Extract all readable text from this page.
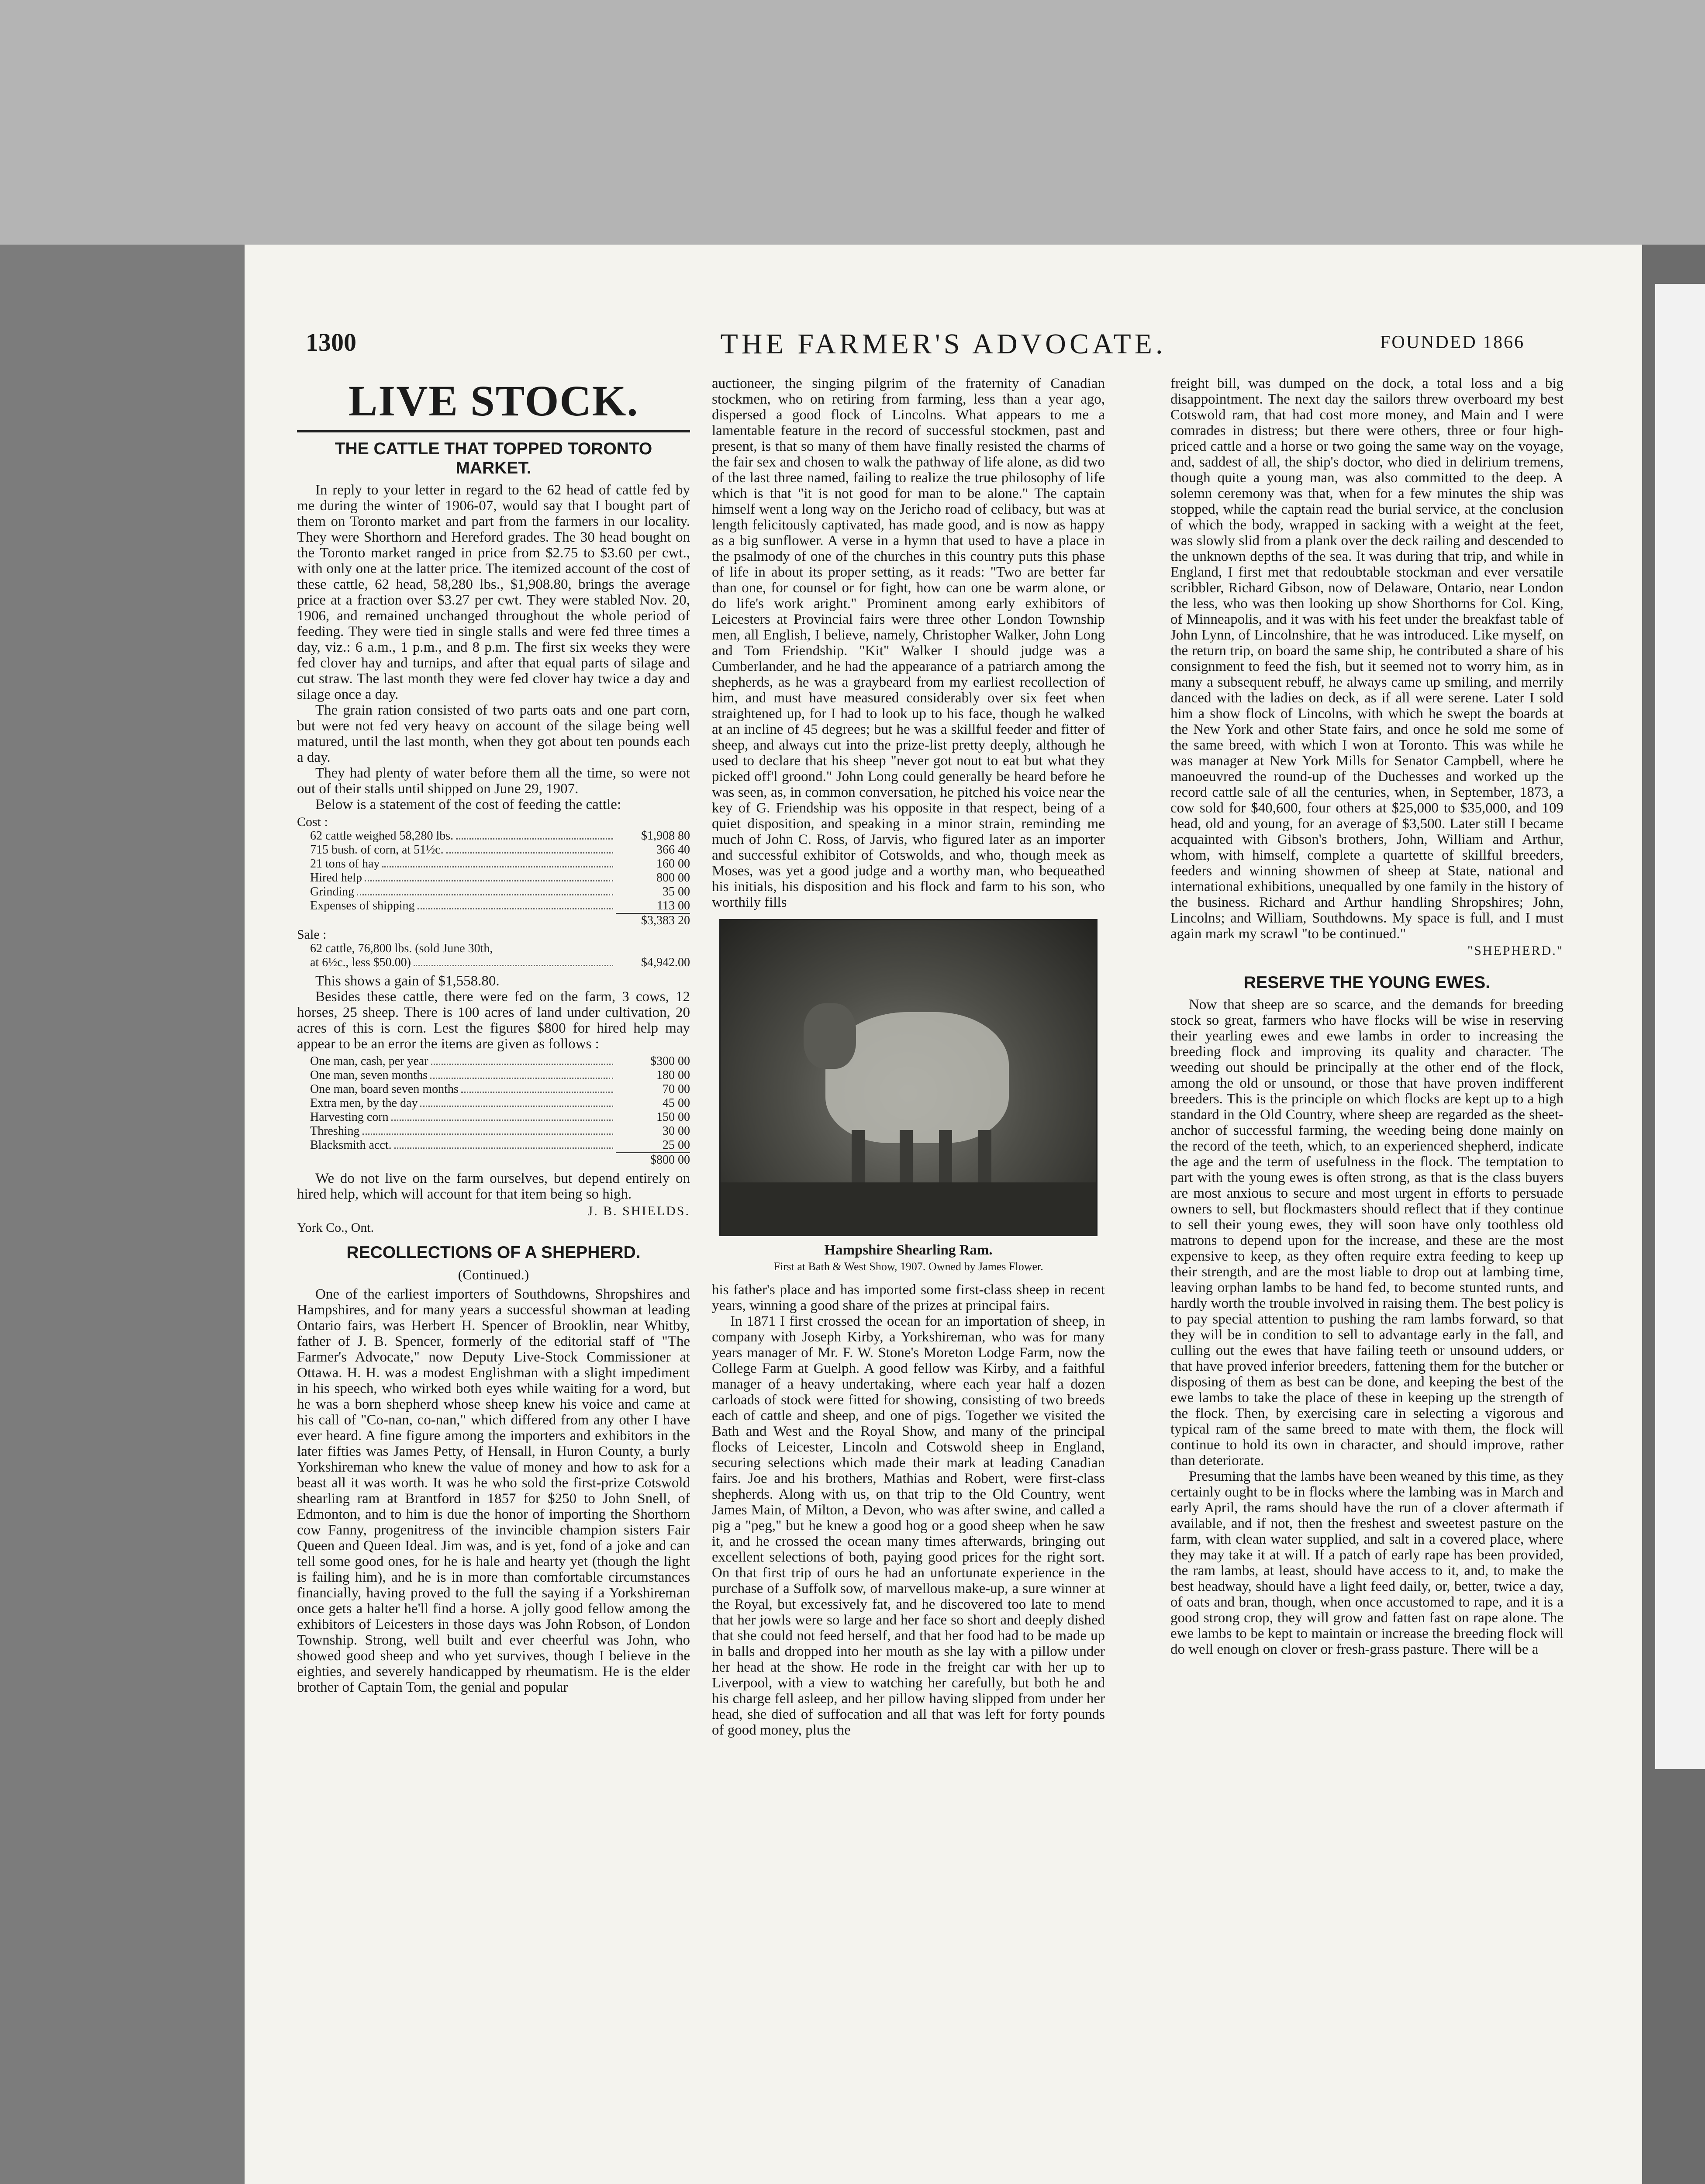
1300	THE FARMER'S ADVOCATE.	FOUNDED 1866
LIVE STOCK.
THE CATTLE THAT TOPPED TORONTO MARKET.

In reply to your letter in regard to the 62 head of cattle fed by me during the winter of 1906-07, would say that I bought part of them on Toronto market and part from the farmers in our locality. They were Shorthorn and Hereford grades. The 30 head bought on the Toronto market ranged in price from $2.75 to $3.60 per cwt., with only one at the latter price. The itemized account of the cost of these cattle, 62 head, 58,280 lbs., $1,908.80, brings the average price at a fraction over $3.27 per cwt. They were stabled Nov. 20, 1906, and remained unchanged throughout the whole period of feeding. They were tied in single stalls and were fed three times a day, viz.: 6 a.m., 1 p.m., and 8 p.m. The first six weeks they were fed clover hay and turnips, and after that equal parts of silage and cut straw. The last month they were fed clover hay twice a day and silage once a day.

The grain ration consisted of two parts oats and one part corn, but were not fed very heavy on account of the silage being well matured, until the last month, when they got about ten pounds each a day.

They had plenty of water before them all the time, so were not out of their stalls until shipped on June 29, 1907.

Below is a statement of the cost of feeding the cattle:

Cost :
62 cattle weighed 58,280 lbs.	$1,908 80
715 bush. of corn, at 51½c.	366 40
21 tons of hay	160 00
Hired help	800 00
Grinding	35 00
Expenses of shipping	113 00
$3,383 20
Sale :
62 cattle, 76,800 lbs. (sold June 30th,
at 6½c., less $50.00)	$4,942.00

This shows a gain of $1,558.80.

Besides these cattle, there were fed on the farm, 3 cows, 12 horses, 25 sheep. There is 100 acres of land under cultivation, 20 acres of this is corn. Lest the figures $800 for hired help may appear to be an error the items are given as follows :

One man, cash, per year	$300 00
One man, seven months	180 00
One man, board seven months	70 00
Extra men, by the day	45 00
Harvesting corn	150 00
Threshing	30 00
Blacksmith acct.	25 00
$800 00

We do not live on the farm ourselves, but depend entirely on hired help, which will account for that item being so high.

J. B. SHIELDS.
York Co., Ont.
RECOLLECTIONS OF A SHEPHERD.
(Continued.)

One of the earliest importers of Southdowns, Shropshires and Hampshires, and for many years a successful showman at leading Ontario fairs, was Herbert H. Spencer of Brooklin, near Whitby, father of J. B. Spencer, formerly of the editorial staff of "The Farmer's Advocate," now Deputy Live-Stock Commissioner at Ottawa. H. H. was a modest Englishman with a slight impediment in his speech, who wirked both eyes while waiting for a word, but he was a born shepherd whose sheep knew his voice and came at his call of "Co-nan, co-nan," which differed from any other I have ever heard. A fine figure among the importers and exhibitors in the later fifties was James Petty, of Hensall, in Huron County, a burly Yorkshireman who knew the value of money and how to ask for a beast all it was worth. It was he who sold the first-prize Cotswold shearling ram at Brantford in 1857 for $250 to John Snell, of Edmonton, and to him is due the honor of importing the Shorthorn cow Fanny, progenitress of the invincible champion sisters Fair Queen and Queen Ideal. Jim was, and is yet, fond of a joke and can tell some good ones, for he is hale and hearty yet (though the light is failing him), and he is in more than comfortable circumstances financially, having proved to the full the saying if a Yorkshireman once gets a halter he'll find a horse. A jolly good fellow among the exhibitors of Leicesters in those days was John Robson, of London Township. Strong, well built and ever cheerful was John, who showed good sheep and who yet survives, though I believe in the eighties, and severely handicapped by rheumatism. He is the elder brother of Captain Tom, the genial and popular

auctioneer, the singing pilgrim of the fraternity of Canadian stockmen, who on retiring from farming, less than a year ago, dispersed a good flock of Lincolns. What appears to me a lamentable feature in the record of successful stockmen, past and present, is that so many of them have finally resisted the charms of the fair sex and chosen to walk the pathway of life alone, as did two of the last three named, failing to realize the true philosophy of life which is that "it is not good for man to be alone." The captain himself went a long way on the Jericho road of celibacy, but was at length felicitously captivated, has made good, and is now as happy as a big sunflower. A verse in a hymn that used to have a place in the psalmody of one of the churches in this country puts this phase of life in about its proper setting, as it reads: "Two are better far than one, for counsel or for fight, how can one be warm alone, or do life's work aright." Prominent among early exhibitors of Leicesters at Provincial fairs were three other London Township men, all English, I believe, namely, Christopher Walker, John Long and Tom Friendship. "Kit" Walker I should judge was a Cumberlander, and he had the appearance of a patriarch among the shepherds, as he was a graybeard from my earliest recollection of him, and must have measured considerably over six feet when straightened up, for I had to look up to his face, though he walked at an incline of 45 degrees; but he was a skillful feeder and fitter of sheep, and always cut into the prize-list pretty deeply, although he used to declare that his sheep "never got nout to eat but what they picked off'l groond." John Long could generally be heard before he was seen, as, in common conversation, he pitched his voice near the key of G. Friendship was his opposite in that respect, being of a quiet disposition, and speaking in a minor strain, reminding me much of John C. Ross, of Jarvis, who figured later as an importer and successful exhibitor of Cotswolds, and who, though meek as Moses, was yet a good judge and a worthy man, who bequeathed his initials, his disposition and his flock and farm to his son, who worthily fills

Hampshire Shearling Ram.
First at Bath & West Show, 1907. Owned by James Flower.

his father's place and has imported some first-class sheep in recent years, winning a good share of the prizes at principal fairs.

In 1871 I first crossed the ocean for an importation of sheep, in company with Joseph Kirby, a Yorkshireman, who was for many years manager of Mr. F. W. Stone's Moreton Lodge Farm, now the College Farm at Guelph. A good fellow was Kirby, and a faithful manager of a heavy undertaking, where each year half a dozen carloads of stock were fitted for showing, consisting of two breeds each of cattle and sheep, and one of pigs. Together we visited the Bath and West and the Royal Show, and many of the principal flocks of Leicester, Lincoln and Cotswold sheep in England, securing selections which made their mark at leading Canadian fairs. Joe and his brothers, Mathias and Robert, were first-class shepherds. Along with us, on that trip to the Old Country, went James Main, of Milton, a Devon, who was after swine, and called a pig a "peg," but he knew a good hog or a good sheep when he saw it, and he crossed the ocean many times afterwards, bringing out excellent selections of both, paying good prices for the right sort. On that first trip of ours he had an unfortunate experience in the purchase of a Suffolk sow, of marvellous make-up, a sure winner at the Royal, but excessively fat, and he discovered too late to mend that her jowls were so large and her face so short and deeply dished that she could not feed herself, and that her food had to be made up in balls and dropped into her mouth as she lay with a pillow under her head at the show. He rode in the freight car with her up to Liverpool, with a view to watching her carefully, but both he and his charge fell asleep, and her pillow having slipped from under her head, she died of suffocation and all that was left for forty pounds of good money, plus the

freight bill, was dumped on the dock, a total loss and a big disappointment. The next day the sailors threw overboard my best Cotswold ram, that had cost more money, and Main and I were comrades in distress; but there were others, three or four high-priced cattle and a horse or two going the same way on the voyage, and, saddest of all, the ship's doctor, who died in delirium tremens, though quite a young man, was also committed to the deep. A solemn ceremony was that, when for a few minutes the ship was stopped, while the captain read the burial service, at the conclusion of which the body, wrapped in sacking with a weight at the feet, was slowly slid from a plank over the deck railing and descended to the unknown depths of the sea. It was during that trip, and while in England, I first met that redoubtable stockman and ever versatile scribbler, Richard Gibson, now of Delaware, Ontario, near London the less, who was then looking up show Shorthorns for Col. King, of Minneapolis, and it was with his feet under the breakfast table of John Lynn, of Lincolnshire, that he was introduced. Like myself, on the return trip, on board the same ship, he contributed a share of his consignment to feed the fish, but it seemed not to worry him, as in many a subsequent rebuff, he always came up smiling, and merrily danced with the ladies on deck, as if all were serene. Later I sold him a show flock of Lincolns, with which he swept the boards at the New York and other State fairs, and once he sold me some of the same breed, with which I won at Toronto. This was while he was manager at New York Mills for Senator Campbell, where he manoeuvred the round-up of the Duchesses and worked up the record cattle sale of all the centuries, when, in September, 1873, a cow sold for $40,600, four others at $25,000 to $35,000, and 109 head, old and young, for an average of $3,500. Later still I became acquainted with Gibson's brothers, John, William and Arthur, whom, with himself, complete a quartette of skillful breeders, feeders and winning showmen of sheep at State, national and international exhibitions, unequalled by one family in the history of the business. Richard and Arthur handling Shropshires; John, Lincolns; and William, Southdowns. My space is full, and I must again mark my scrawl "to be continued."

"SHEPHERD."
RESERVE THE YOUNG EWES.

Now that sheep are so scarce, and the demands for breeding stock so great, farmers who have flocks will be wise in reserving their yearling ewes and ewe lambs in order to increasing the breeding flock and improving its quality and character. The weeding out should be principally at the other end of the flock, among the old or unsound, or those that have proven indifferent breeders. This is the principle on which flocks are kept up to a high standard in the Old Country, where sheep are regarded as the sheet-anchor of successful farming, the weeding being done mainly on the record of the teeth, which, to an experienced shepherd, indicate the age and the term of usefulness in the flock. The temptation to part with the young ewes is often strong, as that is the class buyers are most anxious to secure and most urgent in efforts to persuade owners to sell, but flockmasters should reflect that if they continue to sell their young ewes, they will soon have only toothless old matrons to depend upon for the increase, and these are the most expensive to keep, as they often require extra feeding to keep up their strength, and are the most liable to drop out at lambing time, leaving orphan lambs to be hand fed, to become stunted runts, and hardly worth the trouble involved in raising them. The best policy is to pay special attention to pushing the ram lambs forward, so that they will be in condition to sell to advantage early in the fall, and culling out the ewes that have failing teeth or unsound udders, or that have proved inferior breeders, fattening them for the butcher or disposing of them as best can be done, and keeping the best of the ewe lambs to take the place of these in keeping up the strength of the flock. Then, by exercising care in selecting a vigorous and typical ram of the same breed to mate with them, the flock will continue to hold its own in character, and should improve, rather than deteriorate.

Presuming that the lambs have been weaned by this time, as they certainly ought to be in flocks where the lambing was in March and early April, the rams should have the run of a clover aftermath if available, and if not, then the freshest and sweetest pasture on the farm, with clean water supplied, and salt in a covered place, where they may take it at will. If a patch of early rape has been provided, the ram lambs, at least, should have access to it, and, to make the best headway, should have a light feed daily, or, better, twice a day, of oats and bran, though, when once accustomed to rape, and it is a good strong crop, they will grow and fatten fast on rape alone. The ewe lambs to be kept to maintain or increase the breeding flock will do well enough on clover or fresh-grass pasture. There will be a
